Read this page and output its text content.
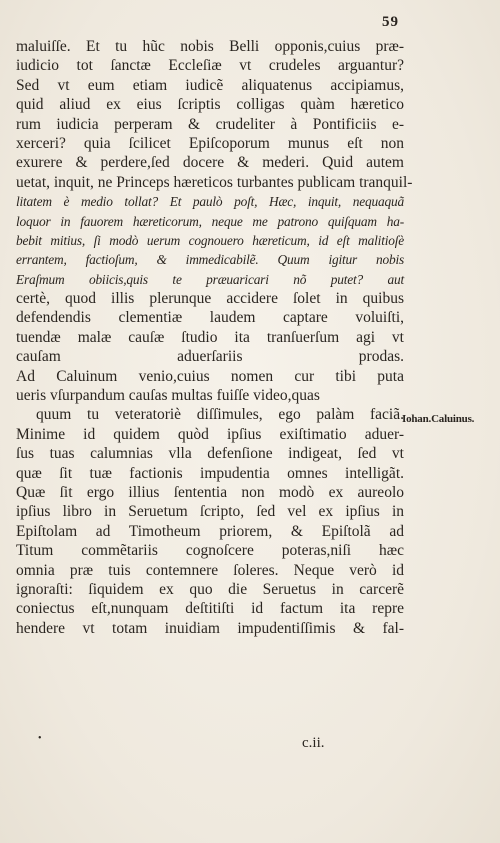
59
maluiſſe. Et tu hũc nobis Belli opponis,cuius præ-
iudicio tot ſanctæ Eccleſiæ vt crudeles arguantur?
Sed vt eum etiam iudicẽ aliquatenus accipiamus,
quid aliud ex eius ſcriptis colligas quàm hæretico
rum iudicia perperam & crudeliter à Pontificiis e-
xerceri? quia ſcilicet Epiſcoporum munus eſt non
exurere & perdere,ſed docere & mederi. Quid autem
uetat, inquit, ne Princeps hæreticos turbantes publicam tranquil-
litatem è medio tollat? Et paulò poſt, Hæc, inquit, nequaquã
loquor in fauorem hæreticorum, neque me patrono quiſquam ha-
bebit mitius, ſi modò uerum cognouero hæreticum, id eſt malitioſè
errantem, factioſum, & immedicabilẽ. Quum igitur nobis
Eraſmum obiicis,quis te præuaricari nõ putet? aut
certè, quod illis plerunque accidere ſolet in quibus
defendendis clementiæ laudem captare voluiſti,
tuendæ malæ cauſæ ſtudio ita tranſuerſum agi vt
cauſam aduerſariis prodas.
Ad Caluinum venio,cuius nomen cur tibi puta
ueris vſurpandum cauſas multas fuiſſe video,quas
quum tu veteratoriè diſſimules, ego palàm faciã.
Minime id quidem quòd ipſius exiſtimatio aduer-
ſus tuas calumnias vlla defenſione indigeat, ſed vt
quæ ſit tuæ factionis impudentia omnes intelligãt.
Quæ ſit ergo illius ſententia non modò ex aureolo
ipſius libro in Seruetum ſcripto, ſed vel ex ipſius in
Epiſtolam ad Timotheum priorem, & Epiſtolã ad
Titum commẽtariis cognoſcere poteras,niſi hæc
omnia præ tuis contemnere ſoleres. Neque verò id
ignoraſti: ſiquidem ex quo die Seruetus in carcerẽ
coniectus eſt,nunquam deſtitiſti id factum ita repre
hendere vt totam inuidiam impudentiſſimis & fal-
Iohan.Caluinus.
•	c.ii.
